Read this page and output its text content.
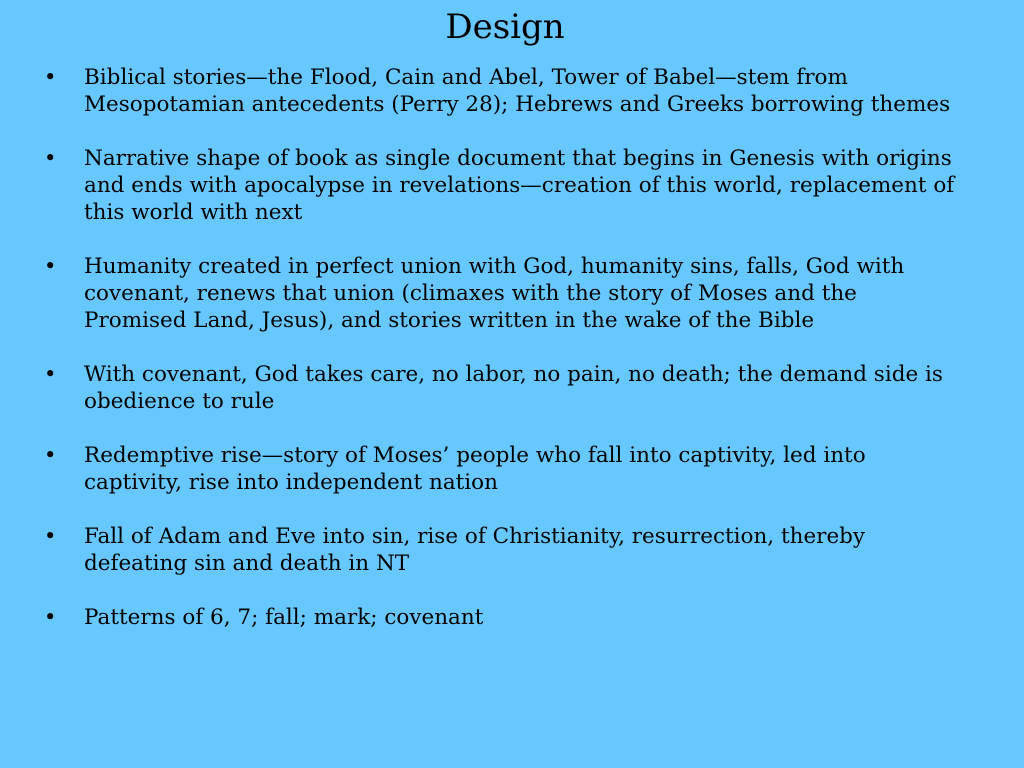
Design
• Biblical stories—the Flood, Cain and Abel, Tower of Babel—stem from Mesopotamian antecedents (Perry 28); Hebrews and Greeks borrowing themes
• Narrative shape of book as single document that begins in Genesis with origins and ends with apocalypse in revelations—creation of this world, replacement of this world with next
• Humanity created in perfect union with God, humanity sins, falls, God with covenant, renews that union (climaxes with the story of Moses and the Promised Land, Jesus), and stories written in the wake of the Bible
• With covenant, God takes care, no labor, no pain, no death; the demand side is obedience to rule
• Redemptive rise—story of Moses’ people who fall into captivity, led into captivity, rise into independent nation
• Fall of Adam and Eve into sin, rise of Christianity, resurrection, thereby defeating sin and death in NT
• Patterns of 6, 7; fall; mark; covenant
